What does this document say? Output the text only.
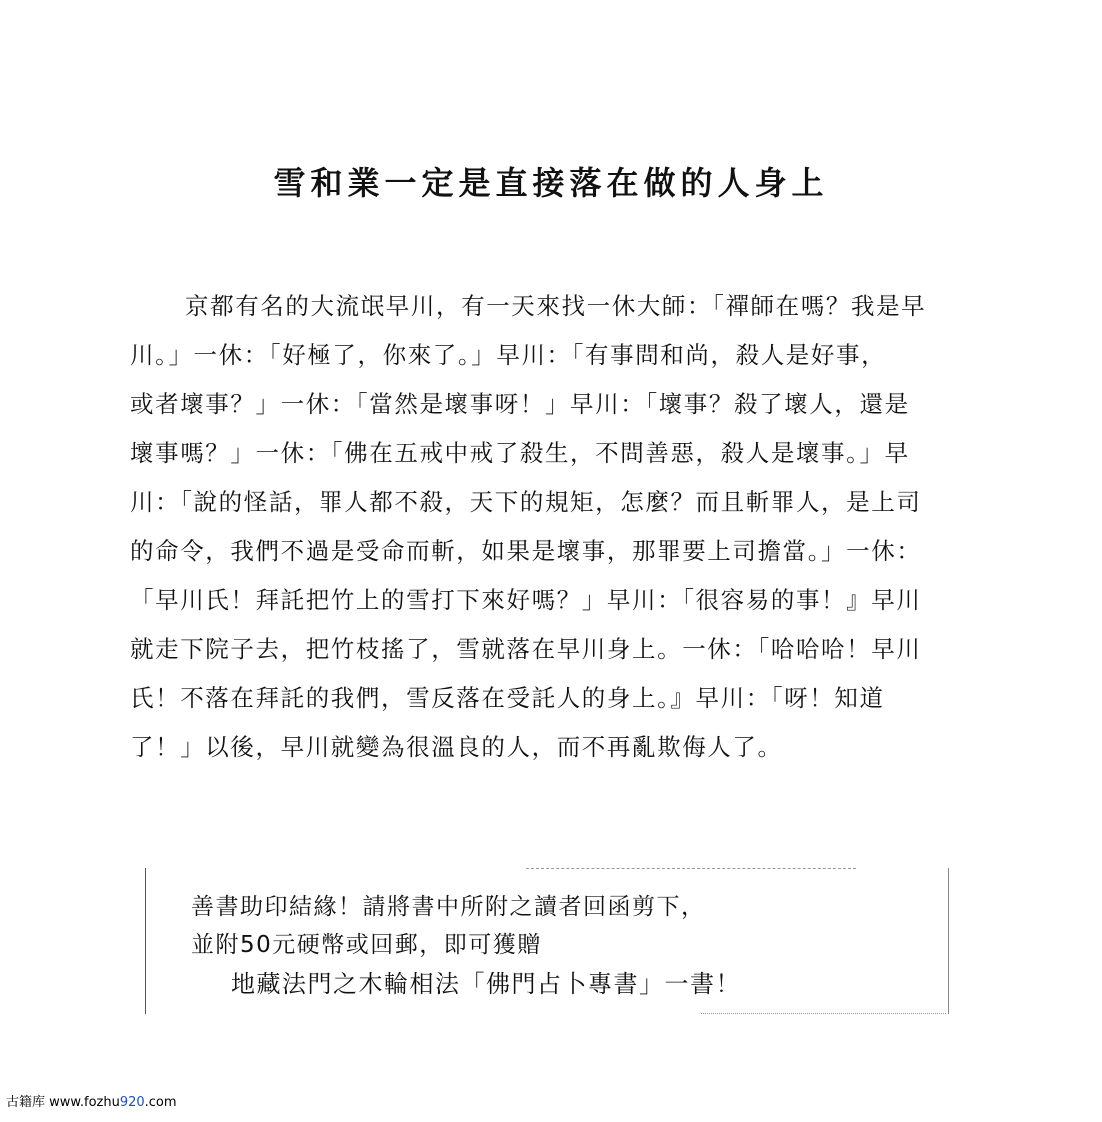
雪和業一定是直接落在做的人身上
京都有名的大流氓早川，有一天來找一休大師：「禪師在嗎？我是早
川。」一休：「好極了，你來了。」早川：「有事問和尚，殺人是好事，
或者壞事？」一休：「當然是壞事呀！」早川：「壞事？殺了壞人，還是
壞事嗎？」一休：「佛在五戒中戒了殺生，不問善惡，殺人是壞事。」早
川：「說的怪話，罪人都不殺，天下的規矩，怎麼？而且斬罪人，是上司
的命令，我們不過是受命而斬，如果是壞事，那罪要上司擔當。」一休：
「早川氏！拜託把竹上的雪打下來好嗎？」早川：「很容易的事！』早川
就走下院子去，把竹枝搖了，雪就落在早川身上。一休：「哈哈哈！早川
氏！不落在拜託的我們，雪反落在受託人的身上。』早川：「呀！知道
了！」以後，早川就變為很溫良的人，而不再亂欺侮人了。
善書助印結緣！請將書中所附之讀者回函剪下，
並附50元硬幣或回郵，即可獲贈
地藏法門之木輪相法「佛門占卜專書」一書！
古籍库 www.fozhu920.com
